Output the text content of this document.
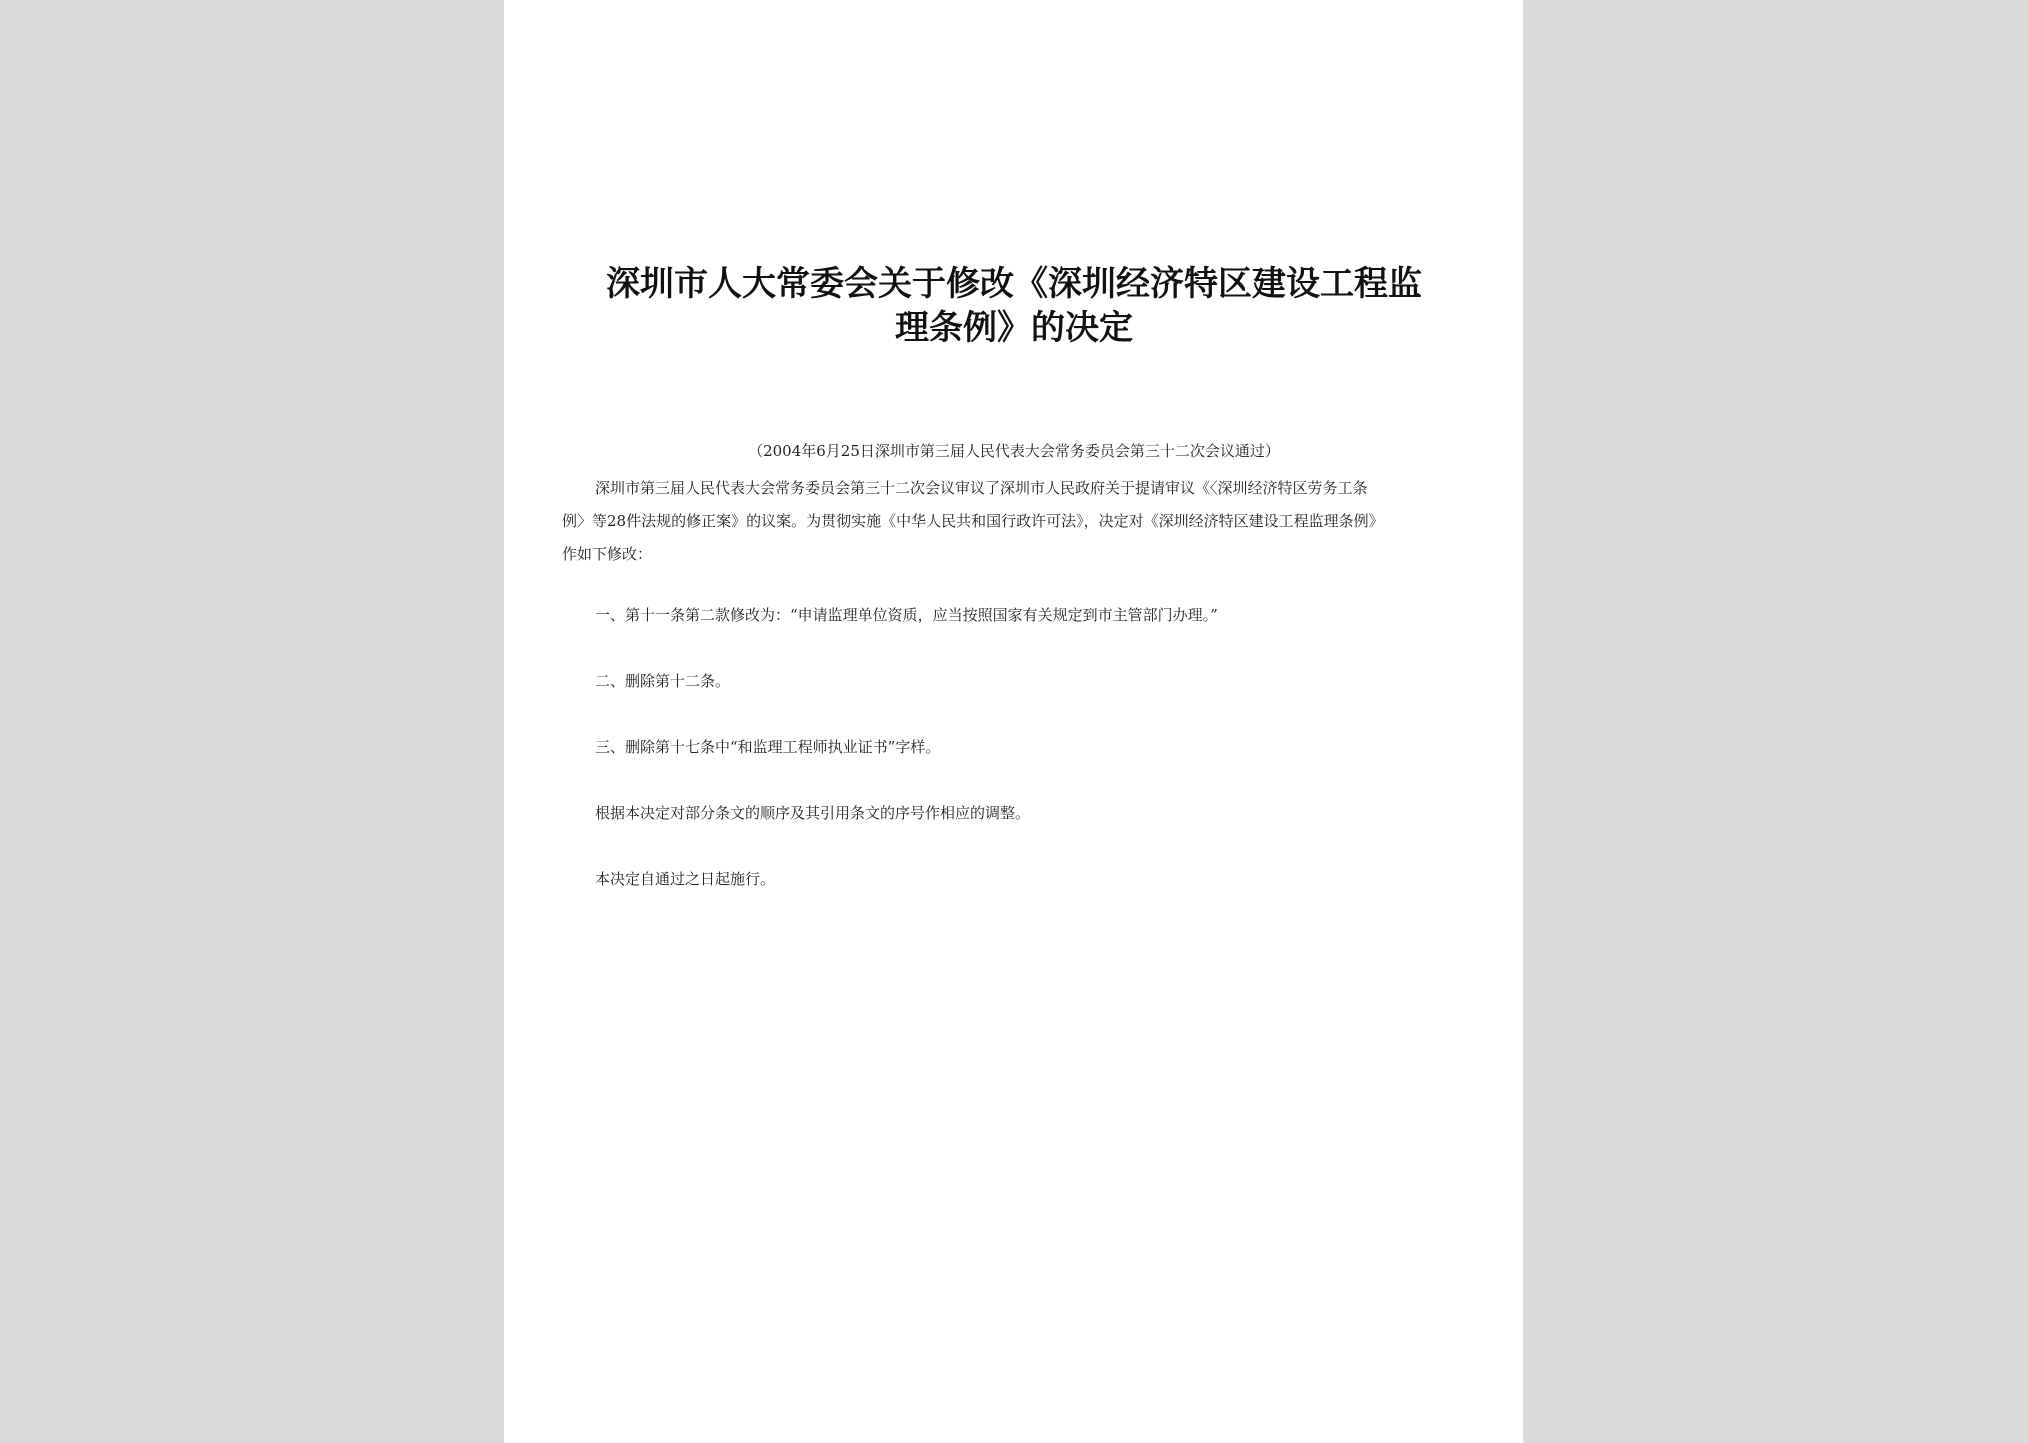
深圳市人大常委会关于修改《深圳经济特区建设工程监
理条例》的决定
（2004年6月25日深圳市第三届人民代表大会常务委员会第三十二次会议通过）
深圳市第三届人民代表大会常务委员会第三十二次会议审议了深圳市人民政府关于提请审议《〈深圳经济特区劳务工条
例〉等28件法规的修正案》的议案。为贯彻实施《中华人民共和国行政许可法》，决定对《深圳经济特区建设工程监理条例》
作如下修改：
一、第十一条第二款修改为：“申请监理单位资质，应当按照国家有关规定到市主管部门办理。”
二、删除第十二条。
三、删除第十七条中“和监理工程师执业证书”字样。
根据本决定对部分条文的顺序及其引用条文的序号作相应的调整。
本决定自通过之日起施行。
